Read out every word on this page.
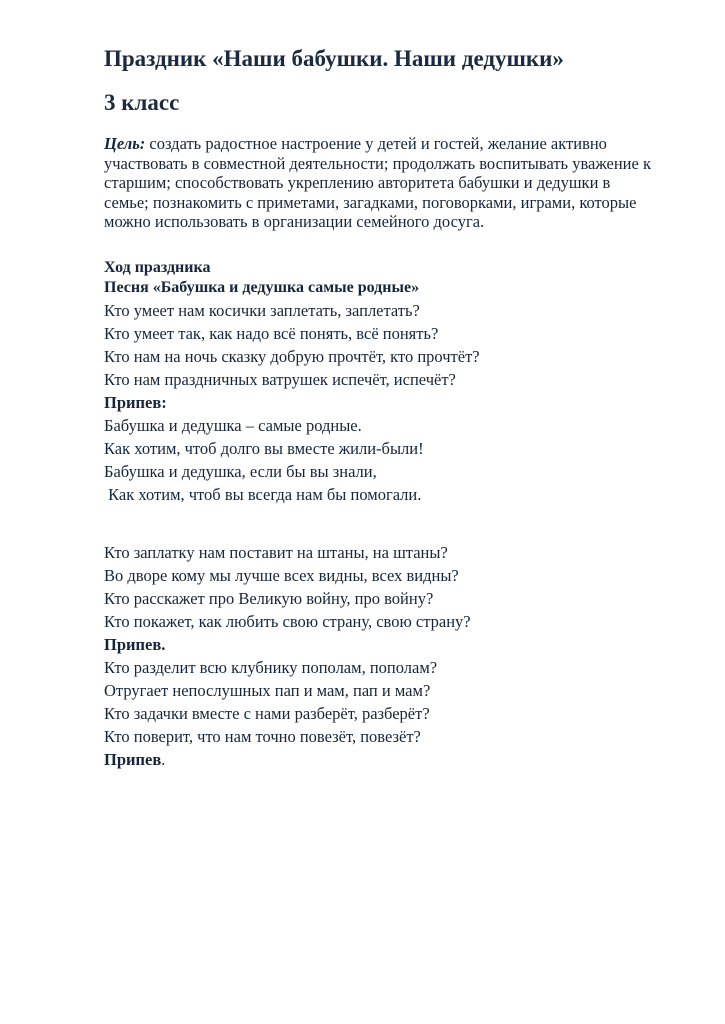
Праздник «Наши бабушки. Наши дедушки»
3 класс

Цель: создать радостное настроение у детей и гостей, желание активно
участвовать в совместной деятельности; продолжать воспитывать уважение к
старшим; способствовать укреплению авторитета бабушки и дедушки в
семье; познакомить с приметами, загадками, поговорками, играми, которые
можно использовать в организации семейного досуга.

Ход праздника
Песня «Бабушка и дедушка самые родные»
Кто умеет нам косички заплетать, заплетать?
Кто умеет так, как надо всё понять, всё понять?
Кто нам на ночь сказку добрую прочтёт, кто прочтёт?
Кто нам праздничных ватрушек испечёт, испечёт?
Припев:
Бабушка и дедушка – самые родные.
Как хотим, чтоб долго вы вместе жили-были!
Бабушка и дедушка, если бы вы знали,
Как хотим, чтоб вы всегда нам бы помогали.
Кто заплатку нам поставит на штаны, на штаны?
Во дворе кому мы лучше всех видны, всех видны?
Кто расскажет про Великую войну, про войну?
Кто покажет, как любить свою страну, свою страну?
Припев.
Кто разделит всю клубнику пополам, пополам?
Отругает непослушных пап и мам, пап и мам?
Кто задачки вместе с нами разберёт, разберёт?
Кто поверит, что нам точно повезёт, повезёт?
Припев.
